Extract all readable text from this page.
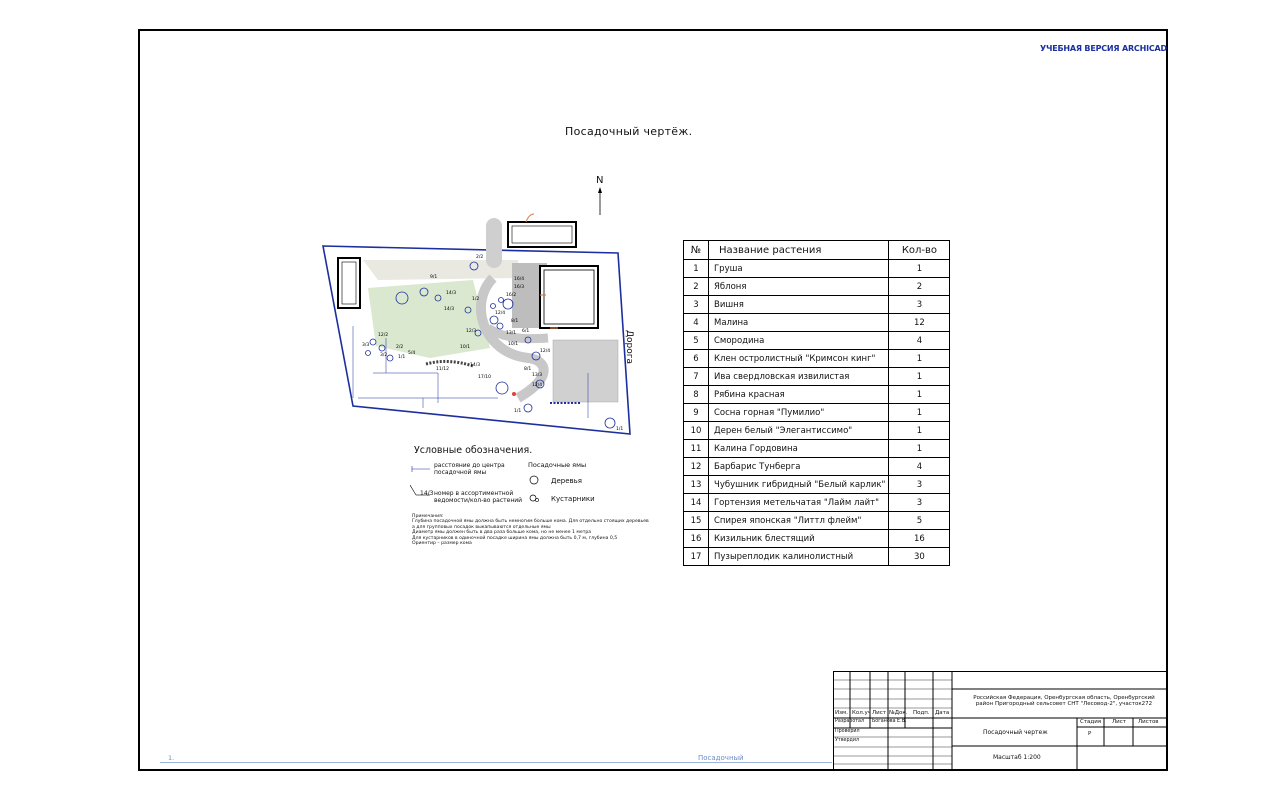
УЧЕБНАЯ ВЕРСИЯ ARCHICAD
Посадочный чертёж.
N
2/2
9/1
14/3
14/3
16/4
16/3
16/2
12/4
12/3	13/1
8/1
6/1
10/1
12/4
12/2
2/2
3/2 1/1
3/3
5/4
14/3
10/1
17/10
11/12	8/1
13/3
1/1
12/4
1/1
1/2
Дорога
№	Название растения	Кол-во
1	Груша	1
2	Яблоня	2
3	Вишня	3
4	Малина	12
5	Смородина	4
6	Клен остролистный "Кримсон кинг"	1
7	Ива свердловская извилистая	1
8	Рябина красная	1
9	Сосна горная "Пумилио"	1
10	Дерен белый "Элегантиссимо"	1
11	Калина Гордовина	1
12	Барбарис Тунберга	4
13	Чубушник гибридный "Белый карлик"	3
14	Гортензия метельчатая "Лайм лайт"	3
15	Спирея японская "Литтл флейм"	5
16	Кизильник блестящий	16
17	Пузыреплодик калинолистный	30
Условные обозначения.
расстояние до центра посадочной ямы
14/3 номер в ассортиментной ведомости/кол-во растений
Посадочные ямы
Деревья
Кустарники
Примечания:
Глубина посадочной ямы должна быть немногим больше кома. Для отдельно стоящих деревьев
а для групповых посадок выкапываются отдельные ямы
Диаметр ямы должен быть в два раза больше кома, но не менее 1 метра
Для кустарников в одиночной посадке ширина ямы должна быть 0,7 м, глубина 0,5
Ориентир – размер кома
1.	Посадочный
Изм. Кол.уч Лист №Док. Подп. Дата
Разработал
Проверил
Утвердил
Боганова Е.В.
Российская Федерация, Оренбургская область, Оренбургский район Пригородный сельсовет СНТ "Лесовод-2", участок272
Посадочный чертеж
Масштаб 1:200
Стадия Лист Листов
Р
